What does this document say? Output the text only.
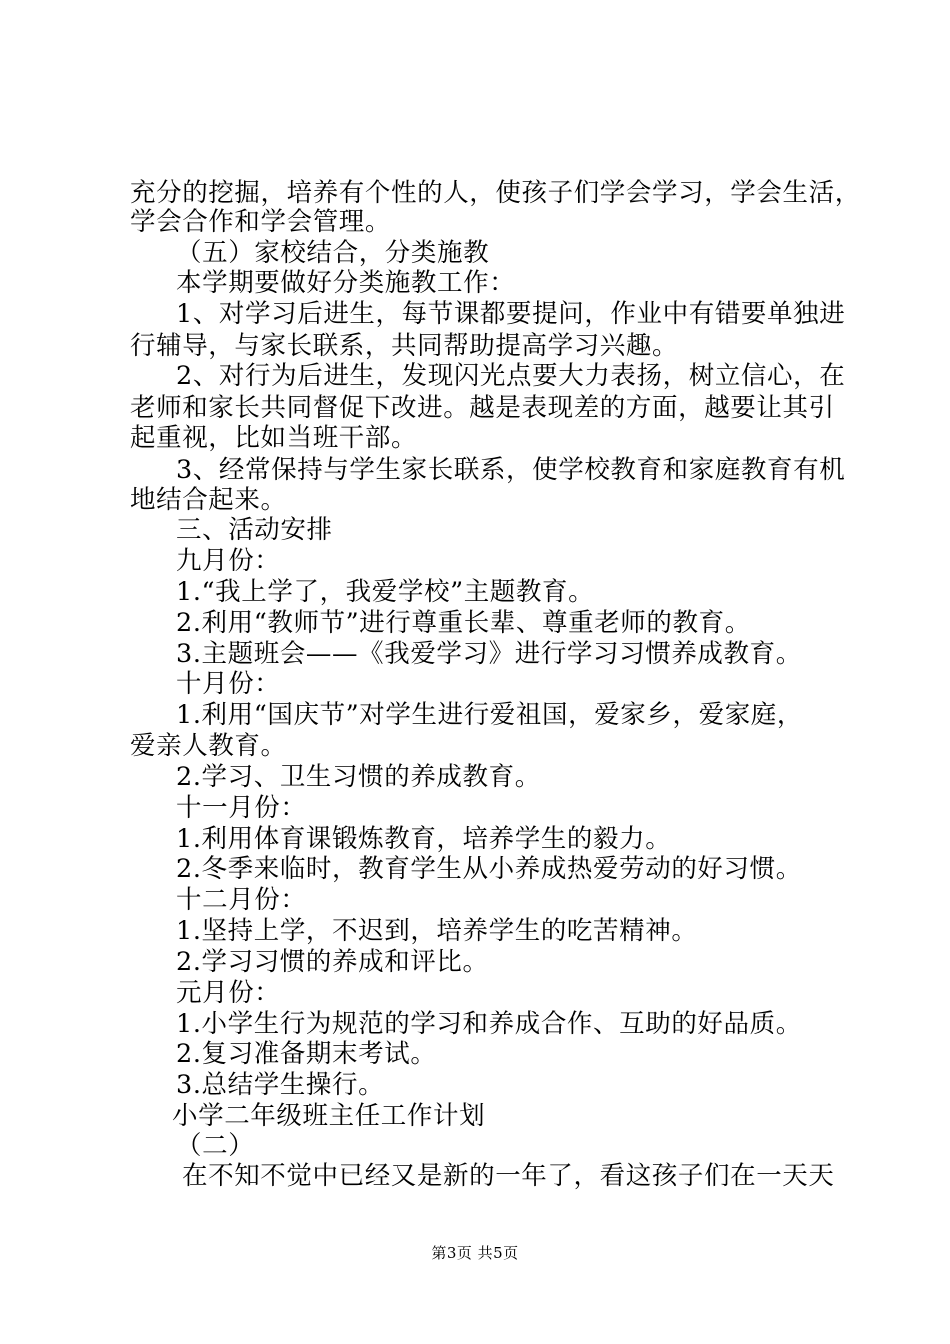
充分的挖掘，培养有个性的人，使孩子们学会学习，学会生活，
学会合作和学会管理。
（五）家校结合，分类施教
本学期要做好分类施教工作：
1、对学习后进生，每节课都要提问，作业中有错要单独进
行辅导，与家长联系，共同帮助提高学习兴趣。
2、对行为后进生，发现闪光点要大力表扬，树立信心，在
老师和家长共同督促下改进。越是表现差的方面，越要让其引
起重视，比如当班干部。
3、经常保持与学生家长联系，使学校教育和家庭教育有机
地结合起来。
三、活动安排
九月份：
1.“我上学了，我爱学校”主题教育。
2.利用“教师节”进行尊重长辈、尊重老师的教育。
3.主题班会——《我爱学习》进行学习习惯养成教育。
十月份：
1.利用“国庆节”对学生进行爱祖国，爱家乡，爱家庭，
爱亲人教育。
2.学习、卫生习惯的养成教育。
十一月份：
1.利用体育课锻炼教育，培养学生的毅力。
2.冬季来临时，教育学生从小养成热爱劳动的好习惯。
十二月份：
1.坚持上学，不迟到，培养学生的吃苦精神。
2.学习习惯的养成和评比。
元月份：
1.小学生行为规范的学习和养成合作、互助的好品质。
2.复习准备期末考试。
3.总结学生操行。
小学二年级班主任工作计划
（二）
在不知不觉中已经又是新的一年了，看这孩子们在一天天
第3页 共5页
